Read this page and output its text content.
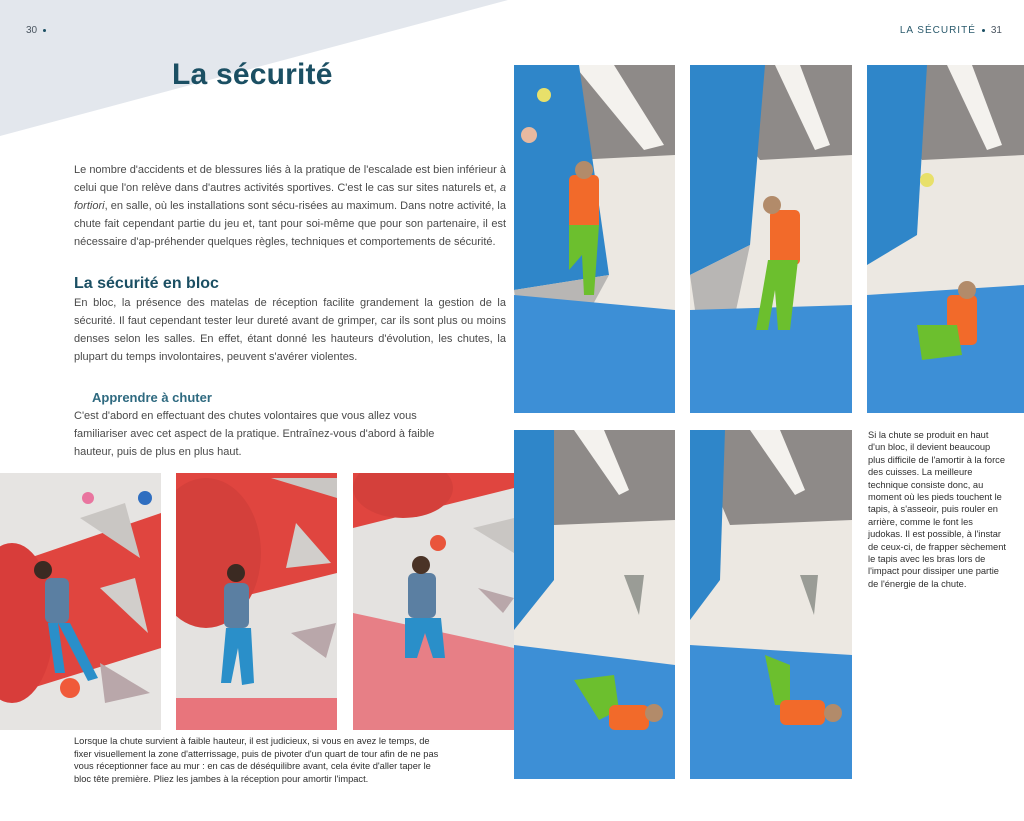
30	LA SÉCURITÉ 31
La sécurité

Le nombre d'accidents et de blessures liés à la pratique de l'escalade est bien inférieur à celui que l'on relève dans d'autres activités sportives. C'est le cas sur sites naturels et, a fortiori, en salle, où les installations sont sécu-risées au maximum. Dans notre activité, la chute fait cependant partie du jeu et, tant pour soi-même que pour son partenaire, il est nécessaire d'ap-préhender quelques règles, techniques et comportements de sécurité.

La sécurité en bloc

En bloc, la présence des matelas de réception facilite grandement la gestion de la sécurité. Il faut cependant tester leur dureté avant de grimper, car ils sont plus ou moins denses selon les salles. En effet, étant donné les hauteurs d'évolution, les chutes, la plupart du temps involontaires, peuvent s'avérer violentes.

Apprendre à chuter

C'est d'abord en effectuant des chutes volontaires que vous allez vous familiariser avec cet aspect de la pratique. Entraînez-vous d'abord à faible hauteur, puis de plus en plus haut.

Lorsque la chute survient à faible hauteur, il est judicieux, si vous en avez le temps, de fixer visuellement la zone d'atterrissage, puis de pivoter d'un quart de tour afin de ne pas vous réceptionner face au mur : en cas de déséquilibre avant, cela évite d'aller taper le bloc tête première. Pliez les jambes à la réception pour amortir l'impact.

Si la chute se produit en haut d'un bloc, il devient beaucoup plus difficile de l'amortir à la force des cuisses. La meilleure technique consiste donc, au moment où les pieds touchent le tapis, à s'asseoir, puis rouler en arrière, comme le font les judokas. Il est possible, à l'instar de ceux-ci, de frapper sèchement le tapis avec les bras lors de l'impact pour dissiper une partie de l'énergie de la chute.
